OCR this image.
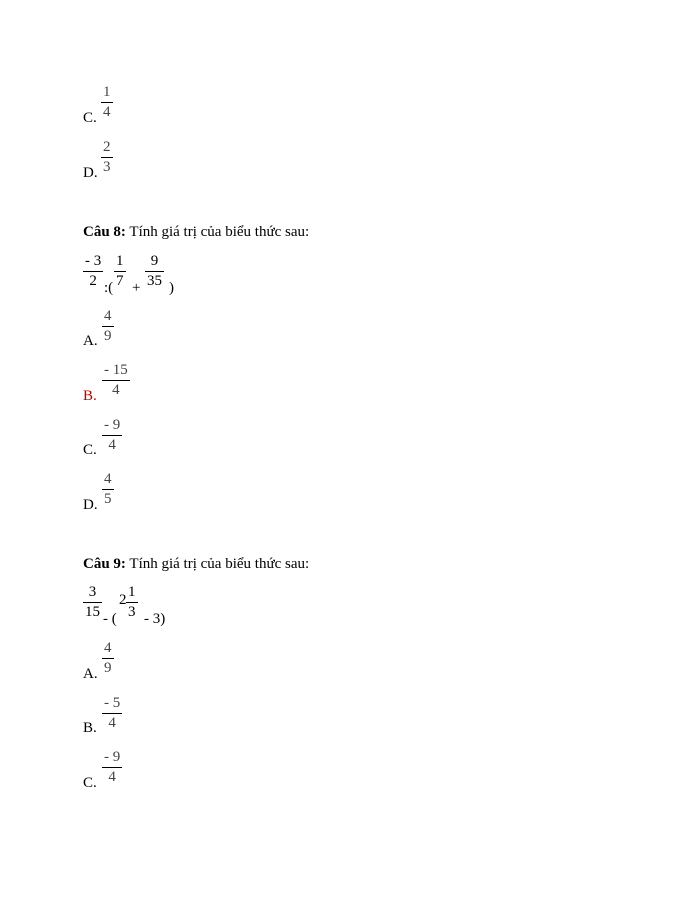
C.
1
4
D.
2
3
Câu 8: Tính giá trị của biểu thức sau:
- 3
2 :(
1
7 +
9
35 )
A.
4
9
B.
- 15
4
C.
- 9
4
D.
4
5
Câu 9: Tính giá trị của biểu thức sau:
3
15 - (
2 1
3 - 3)
A.
4
9
B.
- 5
4
C.
- 9
4
